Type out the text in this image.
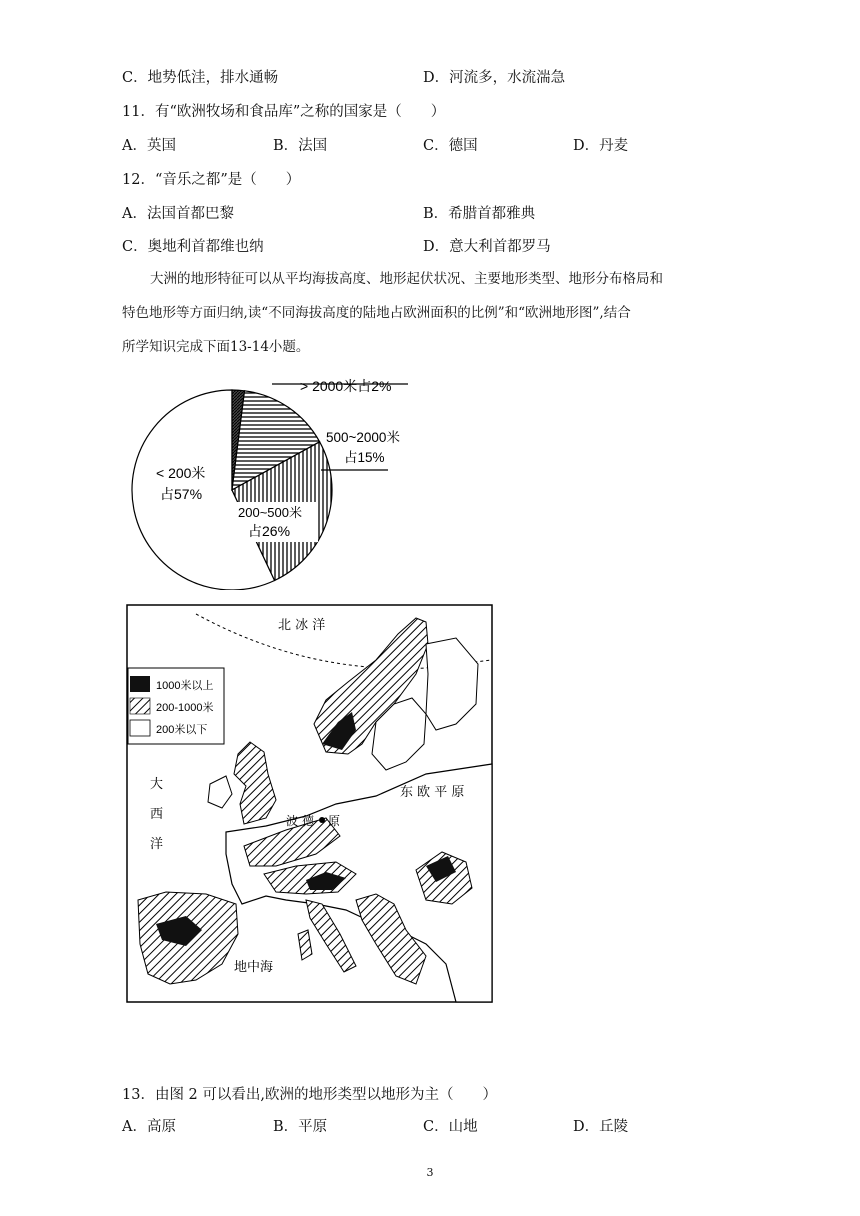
C．地势低洼，排水通畅	D．河流多，水流湍急
11．有“欧洲牧场和食品库”之称的国家是（　　）
A．英国	B．法国	C．德国	D．丹麦
12．“音乐之都”是（　　）
A．法国首都巴黎	B．希腊首都雅典
C．奥地利首都维也纳	D．意大利首都罗马
大洲的地形特征可以从平均海拔高度、地形起伏状况、主要地形类型、地形分布格局和
特色地形等方面归纳,读“不同海拔高度的陆地占欧洲面积的比例”和“欧洲地形图”,结合
所学知识完成下面13-14小题。
> 2000米占2%
500~2000米
占15%
< 200米
占57%
200~500米
占26%
1000米以上
200-1000米
200米以下
北 冰 洋
大
西
洋
东 欧 平 原
波 德 原
地中海
13．由图 2 可以看出,欧洲的地形类型以地形为主（　　）
A．高原	B．平原	C．山地	D．丘陵
3
